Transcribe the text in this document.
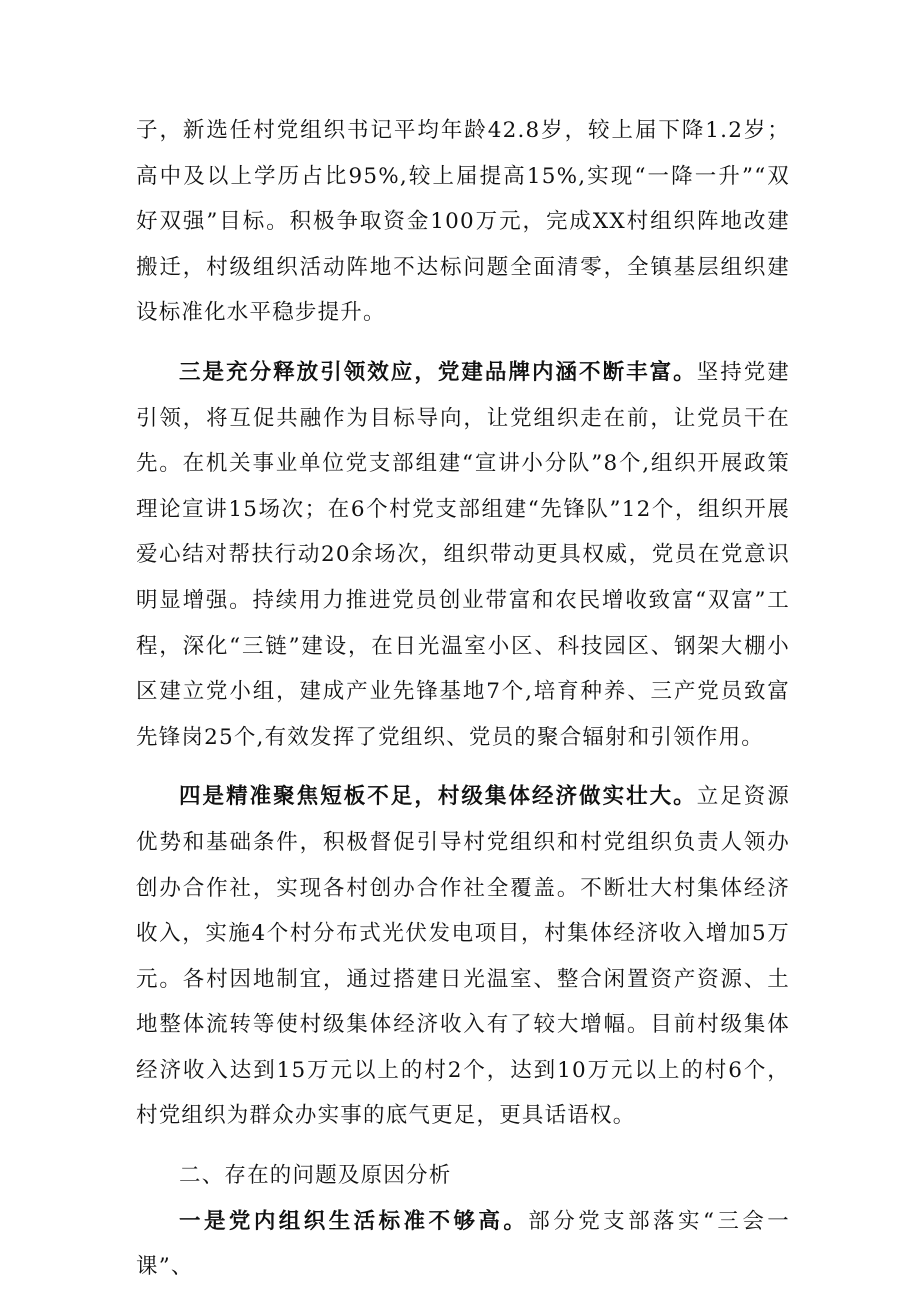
子，新选任村党组织书记平均年龄42.8岁，较上届下降1.2岁；高中及以上学历占比95%,较上届提高15%,实现“一降一升”“双好双强”目标。积极争取资金100万元，完成XX村组织阵地改建搬迁，村级组织活动阵地不达标问题全面清零，全镇基层组织建设标准化水平稳步提升。

三是充分释放引领效应，党建品牌内涵不断丰富。坚持党建引领，将互促共融作为目标导向，让党组织走在前，让党员干在先。在机关事业单位党支部组建“宣讲小分队”8个,组织开展政策理论宣讲15场次；在6个村党支部组建“先锋队”12个，组织开展爱心结对帮扶行动20余场次，组织带动更具权威，党员在党意识明显增强。持续用力推进党员创业带富和农民增收致富“双富”工程，深化“三链”建设，在日光温室小区、科技园区、钢架大棚小区建立党小组，建成产业先锋基地7个,培育种养、三产党员致富先锋岗25个,有效发挥了党组织、党员的聚合辐射和引领作用。

四是精准聚焦短板不足，村级集体经济做实壮大。立足资源优势和基础条件，积极督促引导村党组织和村党组织负责人领办创办合作社，实现各村创办合作社全覆盖。不断壮大村集体经济收入，实施4个村分布式光伏发电项目，村集体经济收入增加5万元。各村因地制宜，通过搭建日光温室、整合闲置资产资源、土地整体流转等使村级集体经济收入有了较大增幅。目前村级集体经济收入达到15万元以上的村2个，达到10万元以上的村6个，村党组织为群众办实事的底气更足，更具话语权。

二、存在的问题及原因分析

一是党内组织生活标准不够高。部分党支部落实“三会一课”、
